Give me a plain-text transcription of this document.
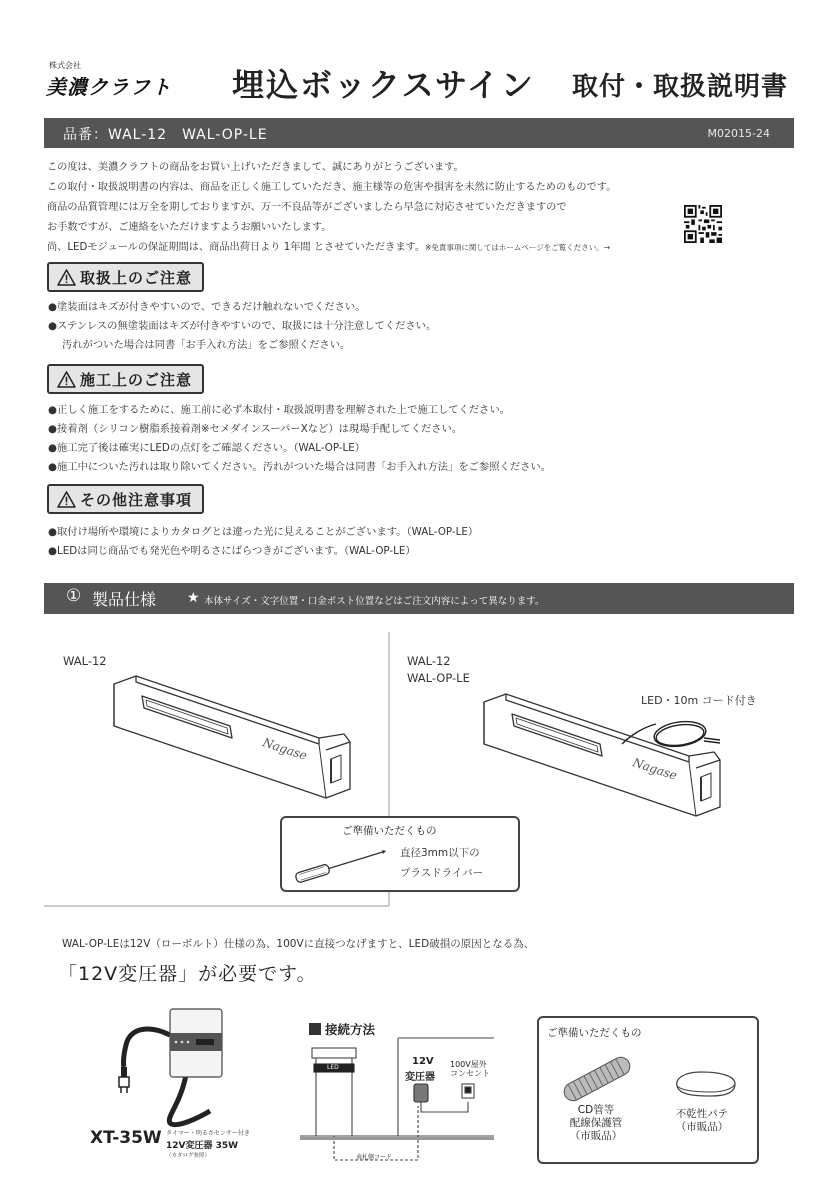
株式会社
美濃クラフト 埋込ボックスサイン 取付・取扱説明書
品番：WAL-12　WAL-OP-LE	M02015-24
この度は、美濃クラフトの商品をお買い上げいただきまして、誠にありがとうございます。
この取付・取扱説明書の内容は、商品を正しく施工していただき、施主様等の危害や損害を未然に防止するためのものです。
商品の品質管理には万全を期しておりますが、万一不良品等がございましたら早急に対応させていただきますので
お手数ですが、ご連絡をいただけますようお願いいたします。
尚、LEDモジュールの保証期間は、商品出荷日より 1年間 とさせていただきます。※免責事項に関してはホームページをご覧ください。→
取扱上のご注意
●塗装面はキズが付きやすいので、できるだけ触れないでください。
●ステンレスの無塗装面はキズが付きやすいので、取扱には十分注意してください。
汚れがついた場合は同書「お手入れ方法」をご参照ください。
施工上のご注意
●正しく施工をするために、施工前に必ず本取付・取扱説明書を理解された上で施工してください。
●接着剤（シリコン樹脂系接着剤※セメダインスーパーXなど）は現場手配してください。
●施工完了後は確実にLEDの点灯をご確認ください。（WAL-OP-LE）
●施工中についた汚れは取り除いてください。汚れがついた場合は同書「お手入れ方法」をご参照ください。
その他注意事項
●取付け場所や環境によりカタログとは違った光に見えることがございます。（WAL-OP-LE）
●LEDは同じ商品でも発光色や明るさにばらつきがございます。（WAL-OP-LE）
① 製品仕様 ★ 本体サイズ・文字位置・口金ポスト位置などはご注文内容によって異なります。
Nagase
Nagase
WAL-12	WAL-12
WAL-OP-LE
LED・10m コード付き
ご準備いただくもの
直径3mm以下の
プラスドライバー
WAL-OP-LEは12V（ローボルト）仕様の為、100Vに直接つなげますと、LED破損の原因となる為、
「12V変圧器」が必要です。
XT-35W タイマー・明るさセンサー付き
12V変圧器 35W
（カタログ参照）
接続方法
LED
12V
変圧器
100V屋外
コンセント
表札側コード
ご準備いただくもの
CD管等
配線保護管
（市販品）
不乾性パテ
（市販品）
